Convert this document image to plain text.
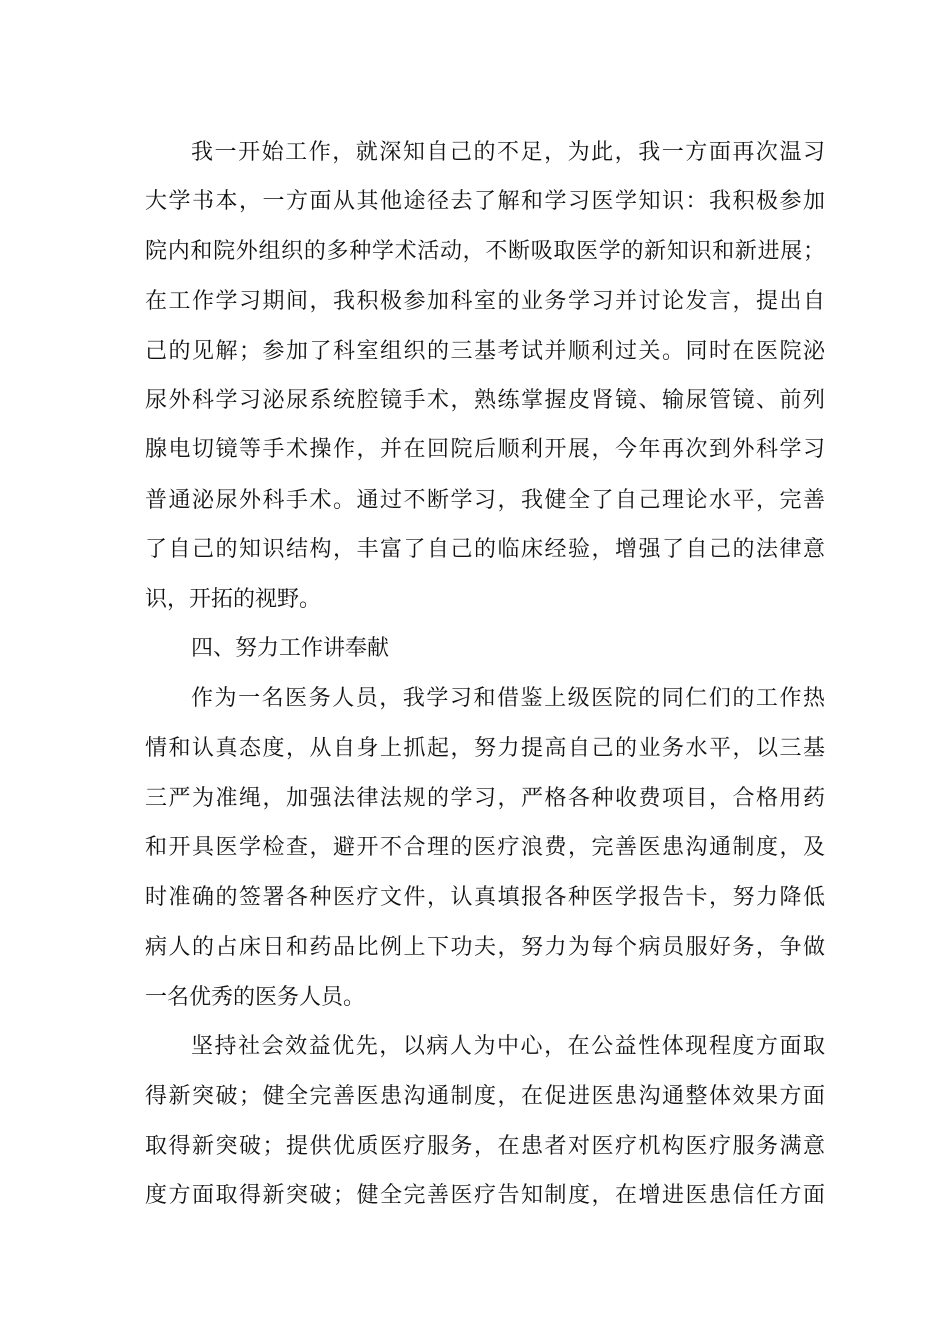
我一开始工作，就深知自己的不足，为此，我一方面再次温习
大学书本，一方面从其他途径去了解和学习医学知识：我积极参加
院内和院外组织的多种学术活动，不断吸取医学的新知识和新进展；
在工作学习期间，我积极参加科室的业务学习并讨论发言，提出自
己的见解；参加了科室组织的三基考试并顺利过关。同时在医院泌
尿外科学习泌尿系统腔镜手术，熟练掌握皮肾镜、输尿管镜、前列
腺电切镜等手术操作，并在回院后顺利开展，今年再次到外科学习
普通泌尿外科手术。通过不断学习，我健全了自己理论水平，完善
了自己的知识结构，丰富了自己的临床经验，增强了自己的法律意
识，开拓的视野。
四、努力工作讲奉献
作为一名医务人员，我学习和借鉴上级医院的同仁们的工作热
情和认真态度，从自身上抓起，努力提高自己的业务水平，以三基
三严为准绳，加强法律法规的学习，严格各种收费项目，合格用药
和开具医学检查，避开不合理的医疗浪费，完善医患沟通制度，及
时准确的签署各种医疗文件，认真填报各种医学报告卡，努力降低
病人的占床日和药品比例上下功夫，努力为每个病员服好务，争做
一名优秀的医务人员。
坚持社会效益优先，以病人为中心，在公益性体现程度方面取
得新突破；健全完善医患沟通制度，在促进医患沟通整体效果方面
取得新突破；提供优质医疗服务，在患者对医疗机构医疗服务满意
度方面取得新突破；健全完善医疗告知制度，在增进医患信任方面
